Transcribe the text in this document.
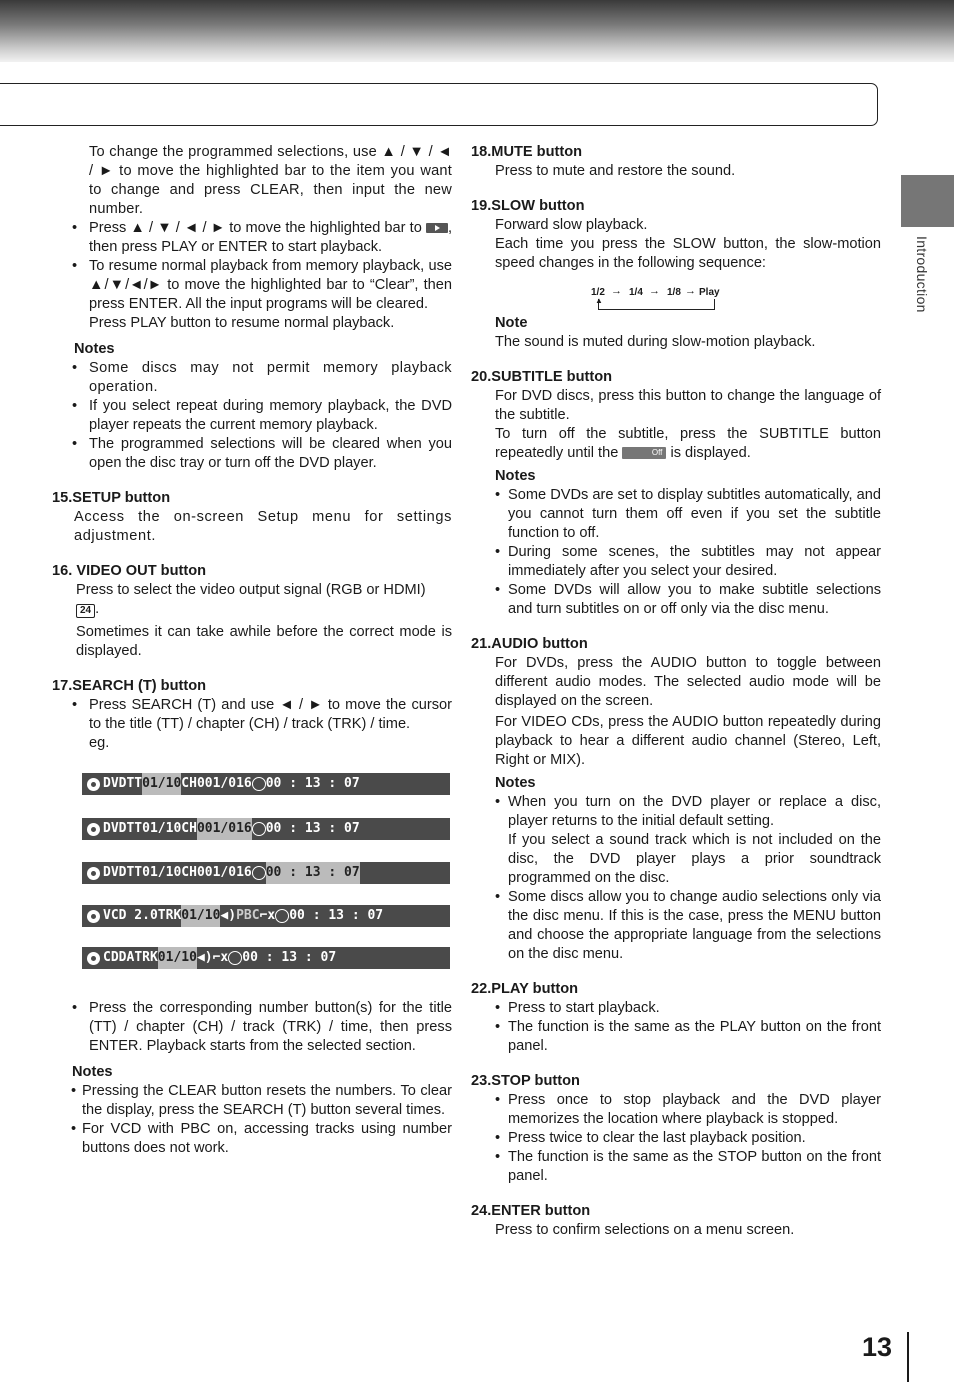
Introduction

To change the programmed selections, use ▲ / ▼ / ◄ / ► to move the highlighted bar to the item you want to change and press CLEAR, then input the new number.

• Press ▲ / ▼ / ◄ / ► to move the highlighted bar to , then press PLAY or ENTER to start playback.
• To resume normal playback from memory playback, use ▲/▼/◄/► to move the highlighted bar to “Clear”, then press ENTER. All the input programs will be cleared.

Press PLAY button to resume normal playback.

Notes
• Some discs may not permit memory playback operation.
• If you select repeat during memory playback, the DVD player repeats the current memory playback.
• The programmed selections will be cleared when you open the disc tray or turn off the DVD player.
15.SETUP button

Access the on-screen Setup menu for settings adjustment.

16. VIDEO OUT button

Press to select the video output signal (RGB or HDMI)
24 .

Sometimes it can take awhile before the correct mode is displayed.

17.SEARCH (T) button
• Press SEARCH (T) and use ◄ / ► to move the cursor to the title (TT) / chapter (CH) / track (TRK) / time.

eg.

DVD TT 01/10 CH 001/016 00 : 13 : 07
DVD TT 01/10 CH 001/016 00 : 13 : 07
DVD TT 01/10 CH 001/016 00 : 13 : 07
VCD 2.0 TRK 01/10 ◀) PBC ⌐x 00 : 13 : 07
CDDA TRK 01/10 ◀) ⌐x 00 : 13 : 07
• Press the corresponding number button(s) for the title (TT) / chapter (CH) / track (TRK) / time, then press ENTER. Playback starts from the selected section.
Notes
• Pressing the CLEAR button resets the numbers. To clear the display, press the SEARCH (T) button several times.
• For VCD with PBC on, accessing tracks using number buttons does not work.
18.MUTE button

Press to mute and restore the sound.

19.SLOW button

Forward slow playback.

Each time you press the SLOW button, the slow-motion speed changes in the following sequence:

1/2 → 1/4 → 1/8 → Play
▲
Note

The sound is muted during slow-motion playback.

20.SUBTITLE button

For DVD discs, press this button to change the language of the subtitle.

To turn off the subtitle, press the SUBTITLE button repeatedly until the	Off is displayed.

Notes
• Some DVDs are set to display subtitles automatically, and you cannot turn them off even if you set the subtitle function to off.
• During some scenes, the subtitles may not appear immediately after you select your desired.
• Some DVDs will allow you to make subtitle selections and turn subtitles on or off only via the disc menu.
21.AUDIO button

For DVDs, press the AUDIO button to toggle between different audio modes. The selected audio mode will be displayed on the screen.

For VIDEO CDs, press the AUDIO button repeatedly during playback to hear a different audio channel (Stereo, Left, Right or MIX).

Notes
• When you turn on the DVD player or replace a disc, player returns to the initial default setting.

If you select a sound track which is not included on the disc, the DVD player plays a prior soundtrack programmed on the disc.

• Some discs allow you to change audio selections only via the disc menu. If this is the case, press the MENU button and choose the appropriate language from the selections on the disc menu.
22.PLAY button
• Press to start playback.
• The function is the same as the PLAY button on the front panel.
23.STOP button
• Press once to stop playback and the DVD player memorizes the location where playback is stopped.
• Press twice to clear the last playback position.
• The function is the same as the STOP button on the front panel.
24.ENTER button

Press to confirm selections on a menu screen.

13
